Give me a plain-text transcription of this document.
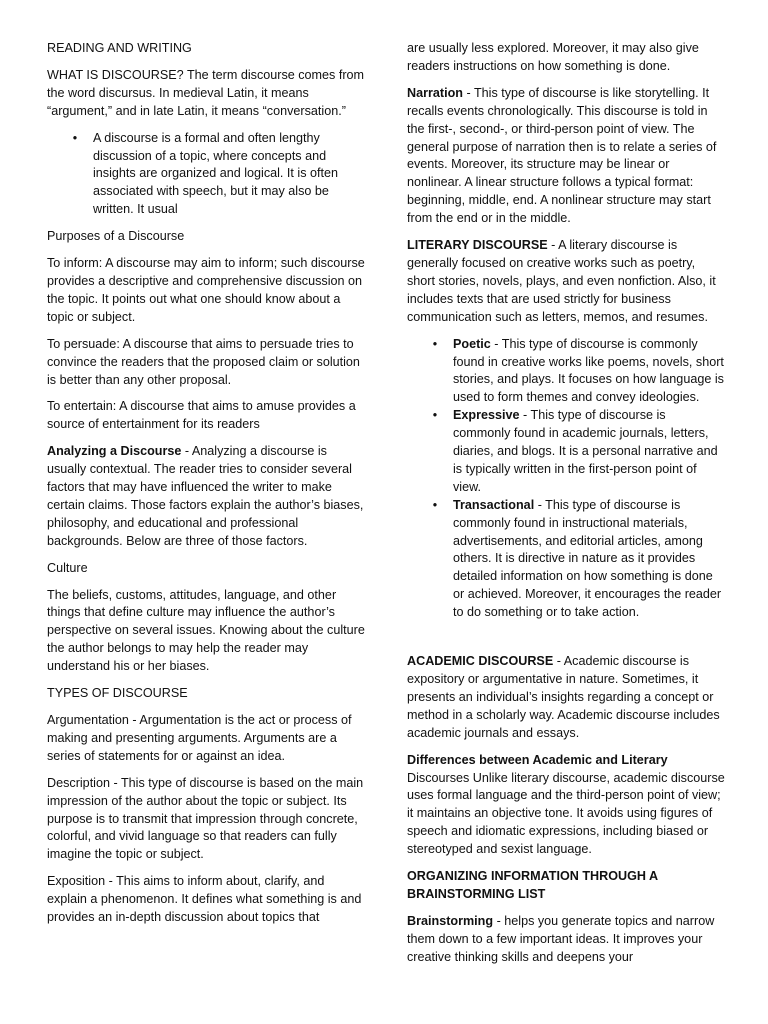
READING AND WRITING

WHAT IS DISCOURSE? The term discourse comes from the word discursus. In medieval Latin, it means “argument,” and in late Latin, it means “conversation.”

• A discourse is a formal and often lengthy discussion of a topic, where concepts and insights are organized and logical. It is often associated with speech, but it may also be written. It usual

Purposes of a Discourse

To inform: A discourse may aim to inform; such discourse provides a descriptive and comprehensive discussion on the topic. It points out what one should know about a topic or subject.

To persuade: A discourse that aims to persuade tries to convince the readers that the proposed claim or solution is better than any other proposal.

To entertain: A discourse that aims to amuse provides a source of entertainment for its readers

Analyzing a Discourse - Analyzing a discourse is usually contextual. The reader tries to consider several factors that may have influenced the writer to make certain claims. Those factors explain the author’s biases, philosophy, and educational and professional backgrounds. Below are three of those factors.

Culture

The beliefs, customs, attitudes, language, and other things that define culture may influence the author’s perspective on several issues. Knowing about the culture the author belongs to may help the reader may understand his or her biases.

TYPES OF DISCOURSE

Argumentation - Argumentation is the act or process of making and presenting arguments. Arguments are a series of statements for or against an idea.

Description - This type of discourse is based on the main impression of the author about the topic or subject. Its purpose is to transmit that impression through concrete, colorful, and vivid language so that readers can fully imagine the topic or subject.

Exposition - This aims to inform about, clarify, and explain a phenomenon. It defines what something is and provides an in-depth discussion about topics that

are usually less explored. Moreover, it may also give readers instructions on how something is done.

Narration - This type of discourse is like storytelling. It recalls events chronologically. This discourse is told in the first-, second-, or third-person point of view. The general purpose of narration then is to relate a series of events. Moreover, its structure may be linear or nonlinear. A linear structure follows a typical format: beginning, middle, end. A nonlinear structure may start from the end or in the middle.

LITERARY DISCOURSE - A literary discourse is generally focused on creative works such as poetry, short stories, novels, plays, and even nonfiction. Also, it includes texts that are used strictly for business communication such as letters, memos, and resumes.

• Poetic - This type of discourse is commonly found in creative works like poems, novels, short stories, and plays. It focuses on how language is used to form themes and convey ideologies.
• Expressive - This type of discourse is commonly found in academic journals, letters, diaries, and blogs. It is a personal narrative and is typically written in the first-person point of view.
• Transactional - This type of discourse is commonly found in instructional materials, advertisements, and editorial articles, among others. It is directive in nature as it provides detailed information on how something is done or achieved. Moreover, it encourages the reader to do something or to take action.

ACADEMIC DISCOURSE - Academic discourse is expository or argumentative in nature. Sometimes, it presents an individual’s insights regarding a concept or method in a scholarly way. Academic discourse includes academic journals and essays.

Differences between Academic and Literary Discourses Unlike literary discourse, academic discourse uses formal language and the third-person point of view; it maintains an objective tone. It avoids using figures of speech and idiomatic expressions, including biased or stereotyped and sexist language.

ORGANIZING INFORMATION THROUGH A BRAINSTORMING LIST

Brainstorming - helps you generate topics and narrow them down to a few important ideas. It improves your creative thinking skills and deepens your
